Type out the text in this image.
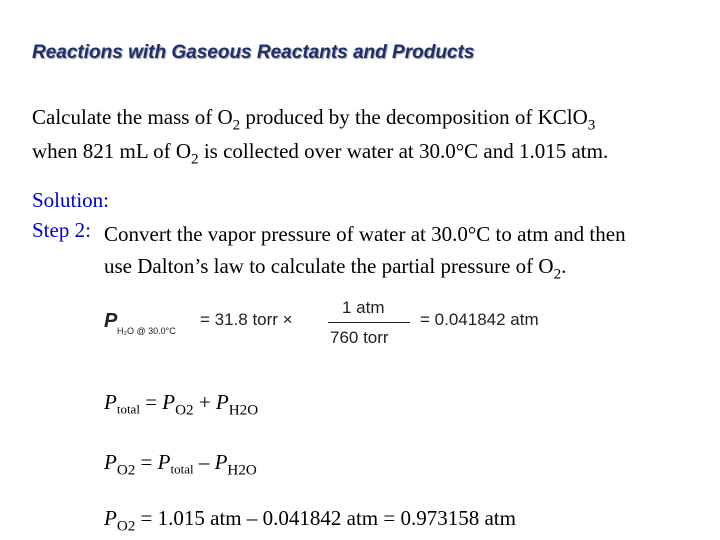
Reactions with Gaseous Reactants and Products
Calculate the mass of $O_2$ produced by the decomposition of KClO$_3$
when 821 mL of $O_2$ is collected over water at 30.0°C and 1.015 atm.
Solution:
Step 2: Convert the vapor pressure of water at 30.0°C to atm and then
use Dalton’s law to calculate the partial pressure of $O_2$.
P H₂O @ 30.0°C
= 31.8 torr ×
1 atm
760 torr
= 0.041842 atm
$P_{total} = P_{O2} + P_{H2O}$
$P_{O2} = P_{total} - P_{H2O}$
$P_{O2} = 1.015$ atm – 0.041842 atm = 0.973158 atm
